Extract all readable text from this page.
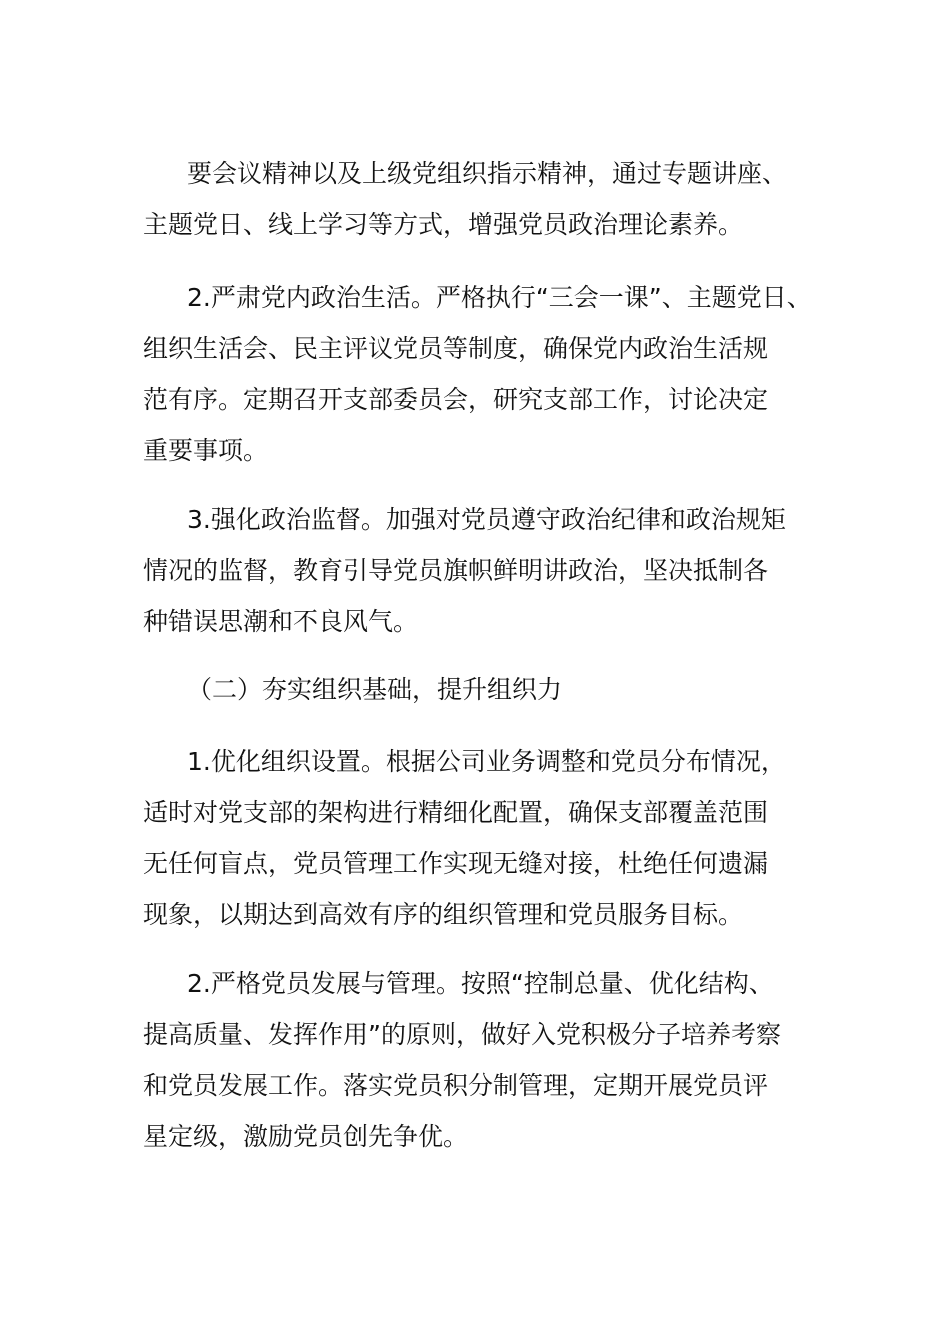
要会议精神以及上级党组织指示精神，通过专题讲座、
主题党日、线上学习等方式，增强党员政治理论素养。
2.严肃党内政治生活。严格执行“三会一课”、主题党日、
组织生活会、民主评议党员等制度，确保党内政治生活规
范有序。定期召开支部委员会，研究支部工作，讨论决定
重要事项。
3.强化政治监督。加强对党员遵守政治纪律和政治规矩
情况的监督，教育引导党员旗帜鲜明讲政治，坚决抵制各
种错误思潮和不良风气。
（二）夯实组织基础，提升组织力
1.优化组织设置。根据公司业务调整和党员分布情况，
适时对党支部的架构进行精细化配置，确保支部覆盖范围
无任何盲点，党员管理工作实现无缝对接，杜绝任何遗漏
现象，以期达到高效有序的组织管理和党员服务目标。
2.严格党员发展与管理。按照“控制总量、优化结构、
提高质量、发挥作用”的原则，做好入党积极分子培养考察
和党员发展工作。落实党员积分制管理，定期开展党员评
星定级，激励党员创先争优。
